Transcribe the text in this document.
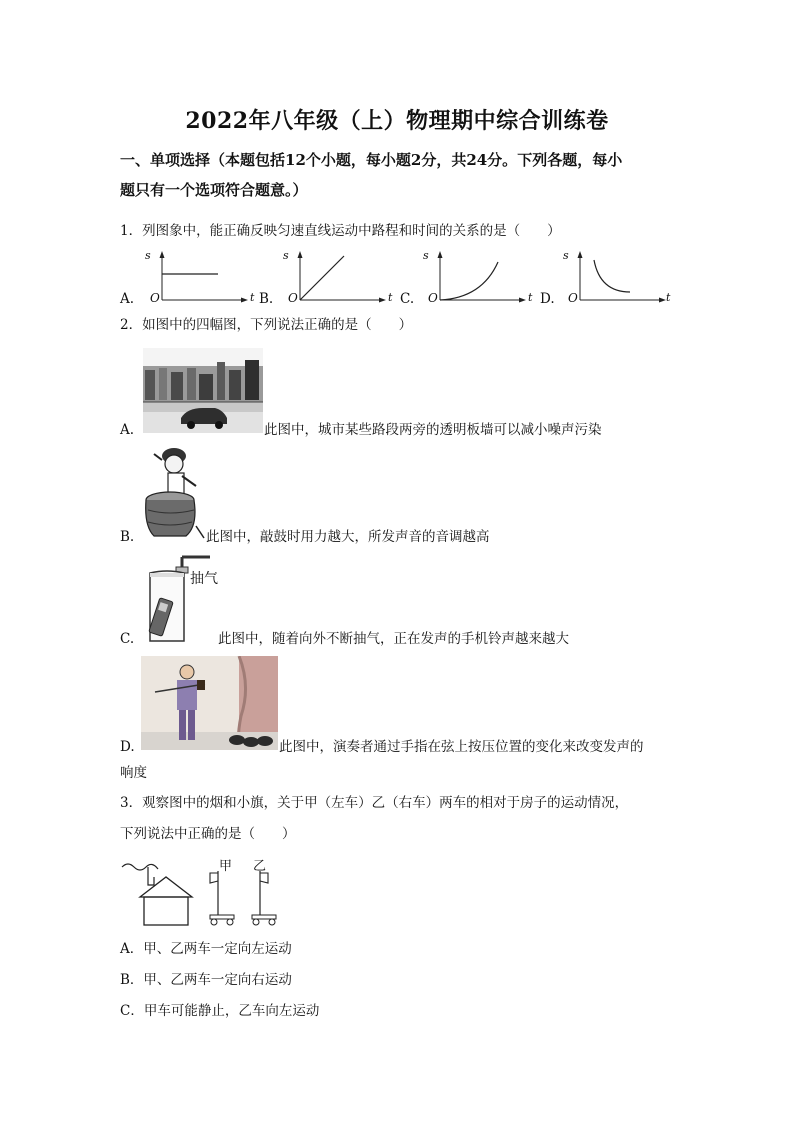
2022年八年级（上）物理期中综合训练卷
一、单项选择（本题包括12个小题，每小题2分，共24分。下列各题，每小
题只有一个选项符合题意。）
1．列图象中，能正确反映匀速直线运动中路程和时间的关系的是（　　）
A.
s
O	t B.
s
O	t C.
s
O	t D.
s
O	t
2．如图中的四幅图，下列说法正确的是（　　）
A.	此图中，城市某些路段两旁的透明板墙可以减小噪声污染
B.	此图中，敲鼓时用力越大，所发声音的音调越高
抽气
C.	此图中，随着向外不断抽气，正在发声的手机铃声越来越大
D.	此图中，演奏者通过手指在弦上按压位置的变化来改变发声的
响度
3．观察图中的烟和小旗，关于甲（左车）乙（右车）两车的相对于房子的运动情况，
下列说法中正确的是（　　）
甲 乙
A．甲、乙两车一定向左运动
B．甲、乙两车一定向右运动
C．甲车可能静止，乙车向左运动
